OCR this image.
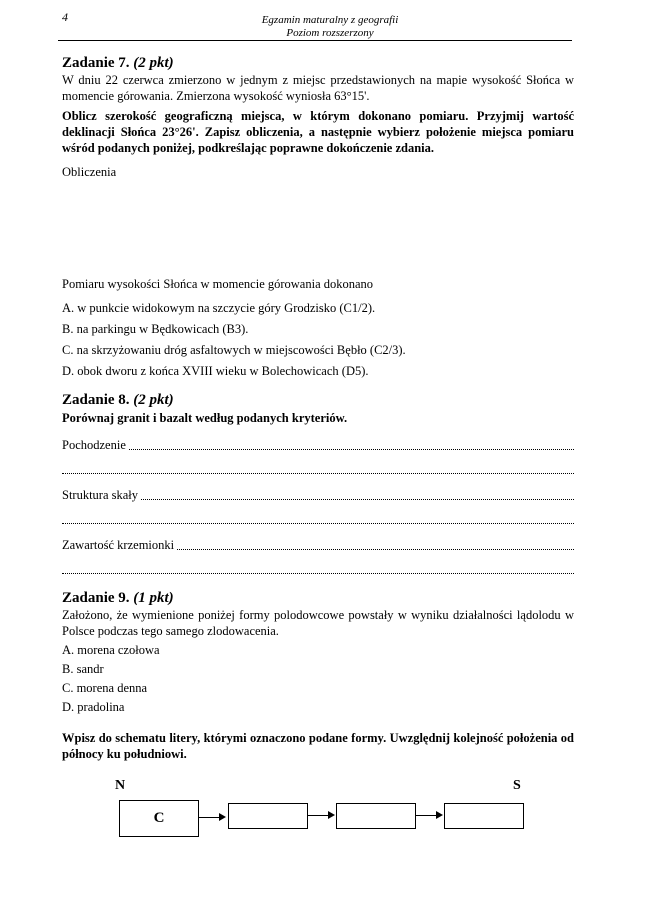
4	Egzamin maturalny z geografii
Poziom rozszerzony
Zadanie 7. (2 pkt)
W dniu 22 czerwca zmierzono w jednym z miejsc przedstawionych na mapie wysokość Słońca w momencie górowania. Zmierzona wysokość wyniosła 63°15'.
Oblicz szerokość geograficzną miejsca, w którym dokonano pomiaru. Przyjmij wartość deklinacji Słońca 23°26'. Zapisz obliczenia, a następnie wybierz położenie miejsca pomiaru wśród podanych poniżej, podkreślając poprawne dokończenie zdania.
Obliczenia
Pomiaru wysokości Słońca w momencie górowania dokonano
A. w punkcie widokowym na szczycie góry Grodzisko (C1/2).
B. na parkingu w Będkowicach (B3).
C. na skrzyżowaniu dróg asfaltowych w miejscowości Bębło (C2/3).
D. obok dworu z końca XVIII wieku w Bolechowicach (D5).
Zadanie 8. (2 pkt)
Porównaj granit i bazalt według podanych kryteriów.
Pochodzenie
Struktura skały
Zawartość krzemionki
Zadanie 9. (1 pkt)
Założono, że wymienione poniżej formy polodowcowe powstały w wyniku działalności lądolodu w Polsce podczas tego samego zlodowacenia.
A. morena czołowa
B. sandr
C. morena denna
D. pradolina
Wpisz do schematu litery, którymi oznaczono podane formy. Uwzględnij kolejność położenia od północy ku południowi.
N	S
C
